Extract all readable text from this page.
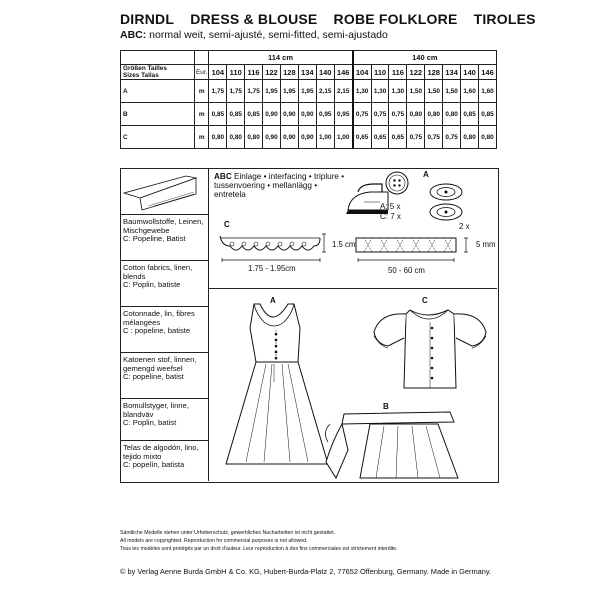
DIRNDL DRESS & BLOUSE ROBE FOLKLORE TIROLES
ABC: normal weit, semi-ajusté, semi-fitted, semi-ajustado
		114 cm								140 cm							
Größen Tailles
Sizes Tallas	Eur.	104	110	116	122	128	134	140	146	104	110	116	122	128	134	140	146
A	m	1,75	1,75	1,75	1,95	1,95	1,95	2,15	2,15	1,30	1,30	1,30	1,50	1,50	1,50	1,60	1,60
B	m	0,85	0,85	0,85	0,90	0,90	0,90	0,95	0,95	0,75	0,75	0,75	0,80	0,80	0,80	0,85	0,85
C	m	0,80	0,80	0,80	0,90	0,90	0,90	1,00	1,00	0,65	0,65	0,65	0,75	0,75	0,75	0,80	0,80
Baumwollstoffe, Leinen, Mischgewebe
C: Popeline, Batist
Cotton fabrics, linen, blends
C: Poplin, batiste
Cotonnade, lin, fibres mélangées
C : popeline, batiste
Katoenen stof, linnen, gemengd weefsel
C: popeline, batist
Bomullstyger, linne, blandväv
C: Poplin, batist
Telas de algodón, lino, tejido mixto
C: popelín, batista
ABC Einlage • interfacing • triplure •
tussenvoering • mellanlägg •
entretela
A
A: 5 x
C: 7 x
2 x
C
1.5 cm
1.75 - 1.95cm
5 mm
50 - 60 cm
A	C
B
Sämtliche Modelle stehen unter Urheberschutz, gewerbliches Nacharbeiten ist nicht gestattet.
All models are copyrighted. Reproduction for commercial purposes is not allowed.
Tous les modèles sont protégés par un droit d'auteur. Leur reproduction à des fins commerciales est strictement interdite.
© by Verlag Aenne Burda GmbH & Co. KG, Hubert-Burda-Platz 2, 77652 Offenburg, Germany. Made in Germany.
